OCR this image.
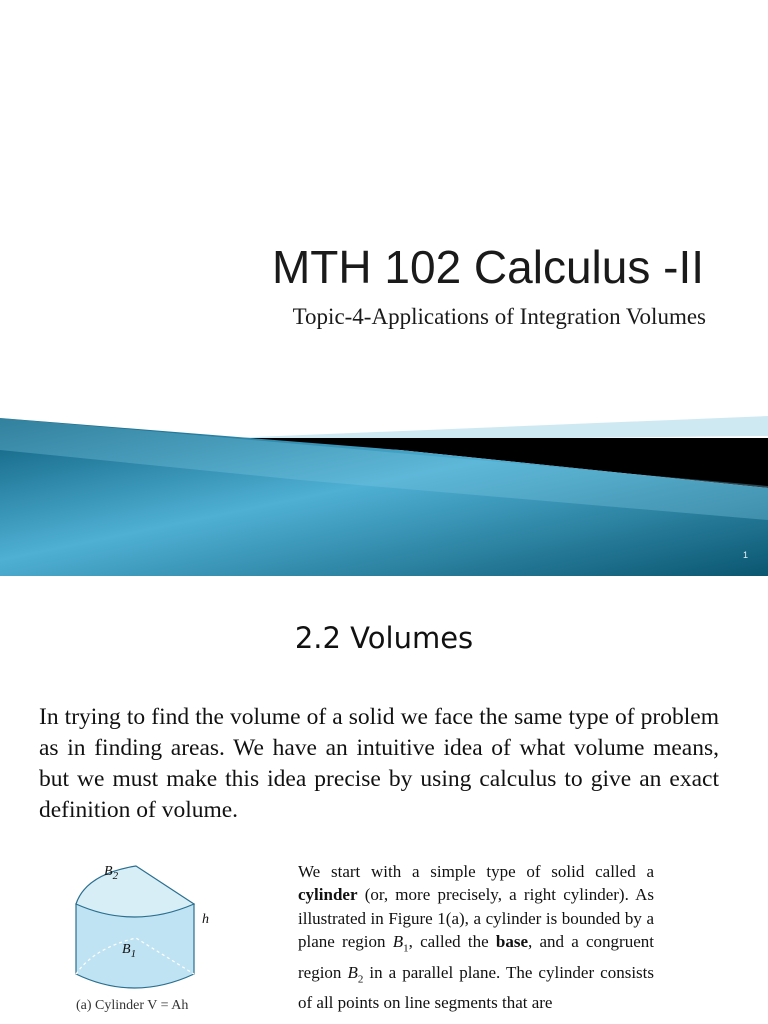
MTH 102 Calculus -II
Topic-4-Applications of Integration Volumes
1
2.2 Volumes
In trying to find the volume of a solid we face the same type of problem as in finding areas. We have an intuitive idea of what volume means, but we must make this idea precise by using calculus to give an exact definition of volume.
$B_2$
$B_1$
h
(a) Cylinder V = Ah
We start with a simple type of solid called a cylinder (or, more precisely, a right cylinder). As illustrated in Figure 1(a), a cylinder is bounded by a plane region $B_1$, called the base, and a congruent region $B_2$ in a parallel plane. The cylinder consists of all points on line segments that are
